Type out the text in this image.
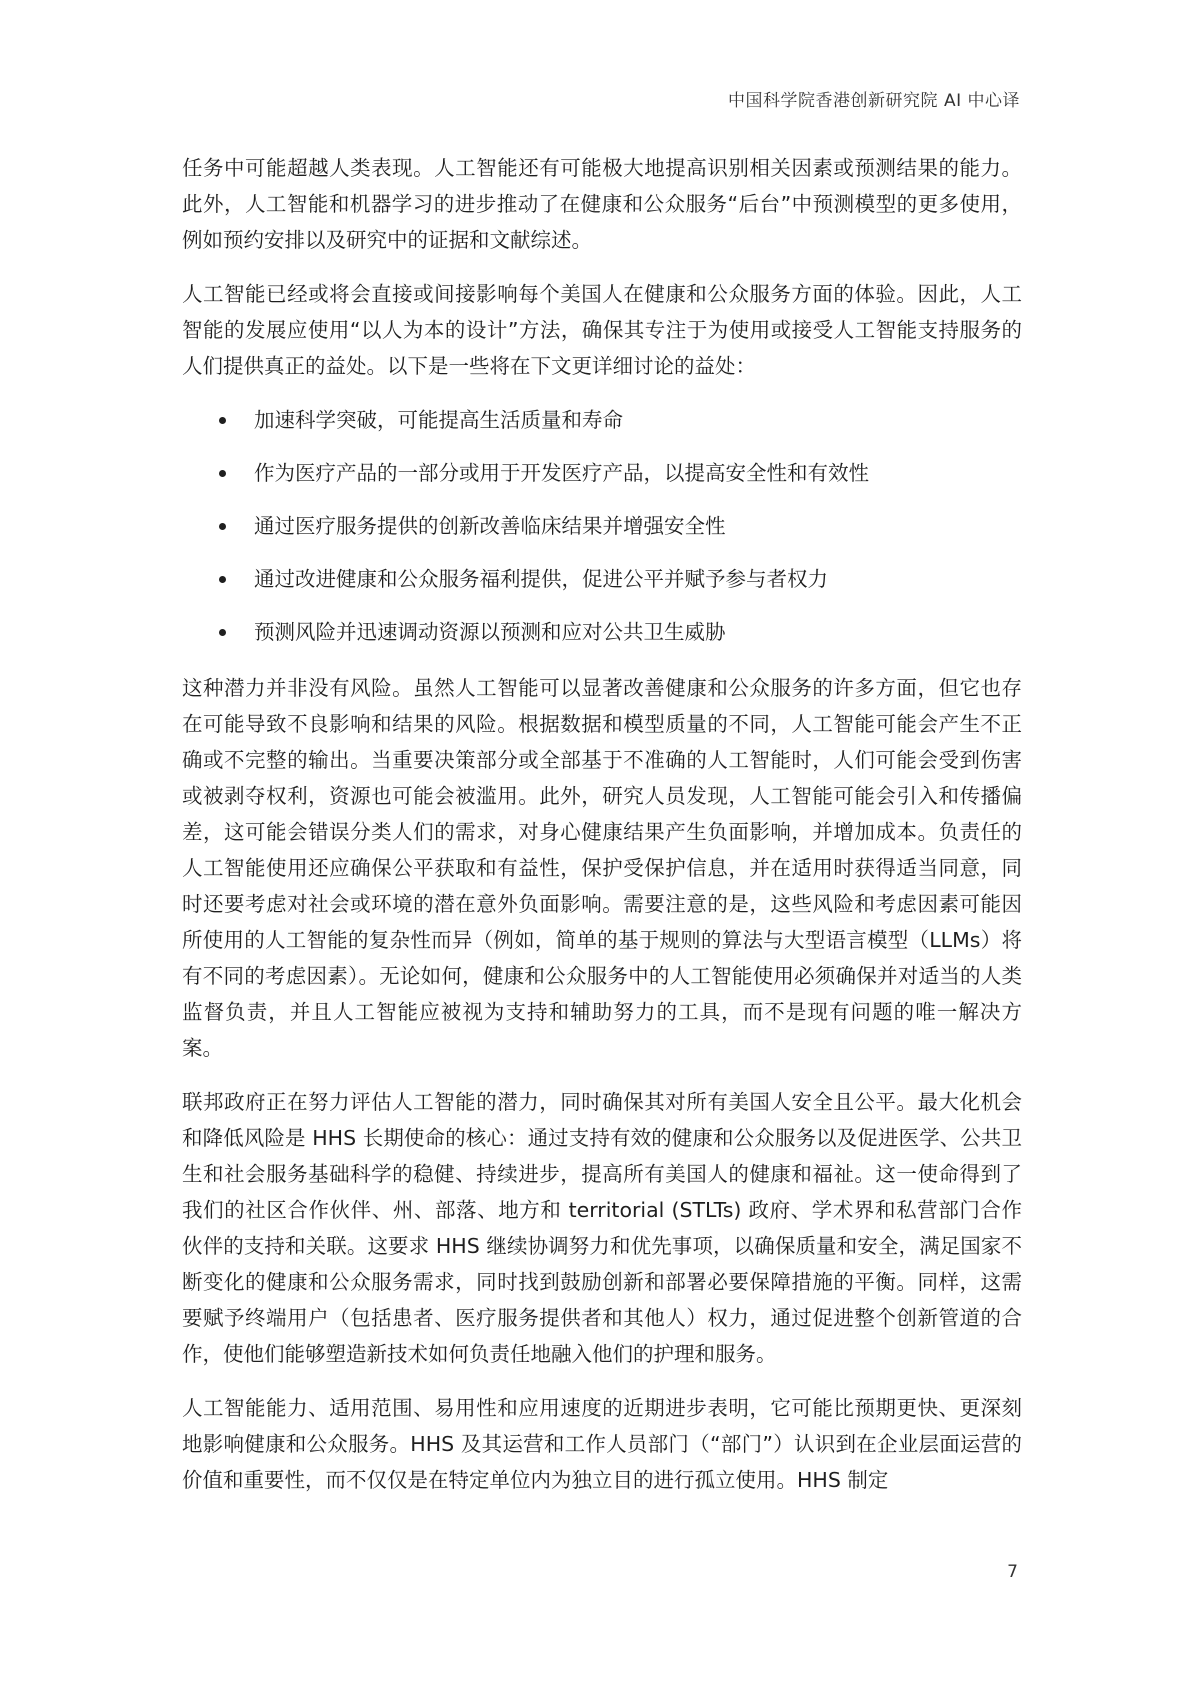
中国科学院香港创新研究院 AI 中心译

任务中可能超越人类表现。人工智能还有可能极大地提高识别相关因素或预测结果的能力。此外，人工智能和机器学习的进步推动了在健康和公众服务“后台”中预测模型的更多使用，例如预约安排以及研究中的证据和文献综述。

人工智能已经或将会直接或间接影响每个美国人在健康和公众服务方面的体验。因此，人工智能的发展应使用“以人为本的设计”方法，确保其专注于为使用或接受人工智能支持服务的人们提供真正的益处。以下是一些将在下文更详细讨论的益处：

加速科学突破，可能提高生活质量和寿命
作为医疗产品的一部分或用于开发医疗产品，以提高安全性和有效性
通过医疗服务提供的创新改善临床结果并增强安全性
通过改进健康和公众服务福利提供，促进公平并赋予参与者权力
预测风险并迅速调动资源以预测和应对公共卫生威胁

这种潜力并非没有风险。虽然人工智能可以显著改善健康和公众服务的许多方面，但它也存在可能导致不良影响和结果的风险。根据数据和模型质量的不同，人工智能可能会产生不正确或不完整的输出。当重要决策部分或全部基于不准确的人工智能时，人们可能会受到伤害或被剥夺权利，资源也可能会被滥用。此外，研究人员发现，人工智能可能会引入和传播偏差，这可能会错误分类人们的需求，对身心健康结果产生负面影响，并增加成本。负责任的人工智能使用还应确保公平获取和有益性，保护受保护信息，并在适用时获得适当同意，同时还要考虑对社会或环境的潜在意外负面影响。需要注意的是，这些风险和考虑因素可能因所使用的人工智能的复杂性而异（例如，简单的基于规则的算法与大型语言模型（LLMs）将有不同的考虑因素）。无论如何，健康和公众服务中的人工智能使用必须确保并对适当的人类监督负责，并且人工智能应被视为支持和辅助努力的工具，而不是现有问题的唯一解决方案。

联邦政府正在努力评估人工智能的潜力，同时确保其对所有美国人安全且公平。最大化机会和降低风险是 HHS 长期使命的核心：通过支持有效的健康和公众服务以及促进医学、公共卫生和社会服务基础科学的稳健、持续进步，提高所有美国人的健康和福祉。这一使命得到了我们的社区合作伙伴、州、部落、地方和 territorial (STLTs) 政府、学术界和私营部门合作伙伴的支持和关联。这要求 HHS 继续协调努力和优先事项，以确保质量和安全，满足国家不断变化的健康和公众服务需求，同时找到鼓励创新和部署必要保障措施的平衡。同样，这需要赋予终端用户（包括患者、医疗服务提供者和其他人）权力，通过促进整个创新管道的合作，使他们能够塑造新技术如何负责任地融入他们的护理和服务。

人工智能能力、适用范围、易用性和应用速度的近期进步表明，它可能比预期更快、更深刻地影响健康和公众服务。HHS 及其运营和工作人员部门（“部门”）认识到在企业层面运营的价值和重要性，而不仅仅是在特定单位内为独立目的进行孤立使用。HHS 制定

7
